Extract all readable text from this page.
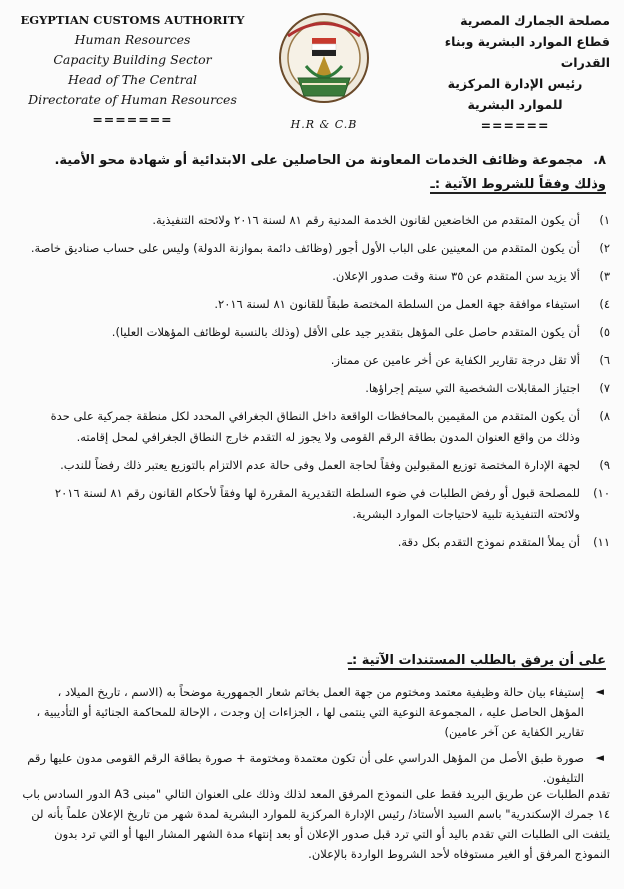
EGYPTIAN CUSTOMS AUTHORITY
Human Resources
Capacity Building Sector
Head of The Central
Directorate of Human Resources
=======	H.R & C.B
مصلحة الجمارك المصرية
قطاع الموارد البشرية وبناء القدرات
رئيس الإدارة المركزية
للموارد البشرية
======
٨.مجموعة وظائف الخدمات المعاونة من الحاصلين على الابتدائية أو شهادة محو الأمية.
وذلك وفقاً للشروط الآتية :ـ
١)
أن يكون المتقدم من الخاضعين لقانون الخدمة المدنية رقم ٨١ لسنة ٢٠١٦ ولائحته التنفيذية.
٢)
أن يكون المتقدم من المعينين على الباب الأول أجور (وظائف دائمة بموازنة الدولة) وليس على حساب صناديق خاصة.
٣)
ألا يزيد سن المتقدم عن ٣٥ سنة وقت صدور الإعلان.
٤)
استيفاء موافقة جهة العمل من السلطة المختصة طبقاً للقانون ٨١ لسنة ٢٠١٦.
٥)
أن يكون المتقدم حاصل على المؤهل بتقدير جيد على الأقل (وذلك بالنسبة لوظائف المؤهلات العليا).
٦)
ألا تقل درجة تقارير الكفاية عن أخر عامين عن ممتاز.
٧)
اجتياز المقابلات الشخصية التي سيتم إجراؤها.
٨)
أن يكون المتقدم من المقيمين بالمحافظات الواقعة داخل النطاق الجغرافي المحدد لكل منطقة جمركية على حدة وذلك من واقع العنوان المدون بطاقة الرقم القومى ولا يجوز له التقدم خارج النطاق الجغرافي لمحل إقامته.
٩)
لجهة الإدارة المختصة توزيع المقبولين وفقاً لحاجة العمل وفى حالة عدم الالتزام بالتوزيع يعتبر ذلك رفضاً للندب.
١٠)
للمصلحة قبول أو رفض الطلبات في ضوء السلطة التقديرية المقررة لها وفقاً لأحكام القانون رقم ٨١ لسنة ٢٠١٦ ولائحته التنفيذية تلبية لاحتياجات الموارد البشرية.
١١)
أن يملأ المتقدم نموذج التقدم بكل دقة.
على أن يرفق بالطلب المستندات الآتية :ـ
◄
إستيفاء بيان حالة وظيفية معتمد ومختوم من جهة العمل بخاتم شعار الجمهورية موضحاً به (الاسم ، تاريخ الميلاد ، المؤهل الحاصل عليه ، المجموعة النوعية التي ينتمى لها ، الجزاءات إن وجدت ، الإحالة للمحاكمة الجنائية أو التأديبية ، تقارير الكفاية عن آخر عامين)
◄
صورة طبق الأصل من المؤهل الدراسي على أن تكون معتمدة ومختومة + صورة بطاقة الرقم القومى مدون عليها رقم التليفون.
تقدم الطلبات عن طريق البريد فقط على النموذج المرفق المعد لذلك وذلك على العنوان التالي "مبنى A3 الدور السادس باب ١٤ جمرك الإسكندرية" باسم السيد الأستاذ/ رئيس الإدارة المركزية للموارد البشرية لمدة شهر من تاريخ الإعلان علماً بأنه لن يلتفت الى الطلبات التي تقدم باليد أو التي ترد قبل صدور الإعلان أو بعد إنتهاء مدة الشهر المشار اليها أو التي ترد بدون النموذج المرفق أو الغير مستوفاه لأحد الشروط الواردة بالإعلان.
